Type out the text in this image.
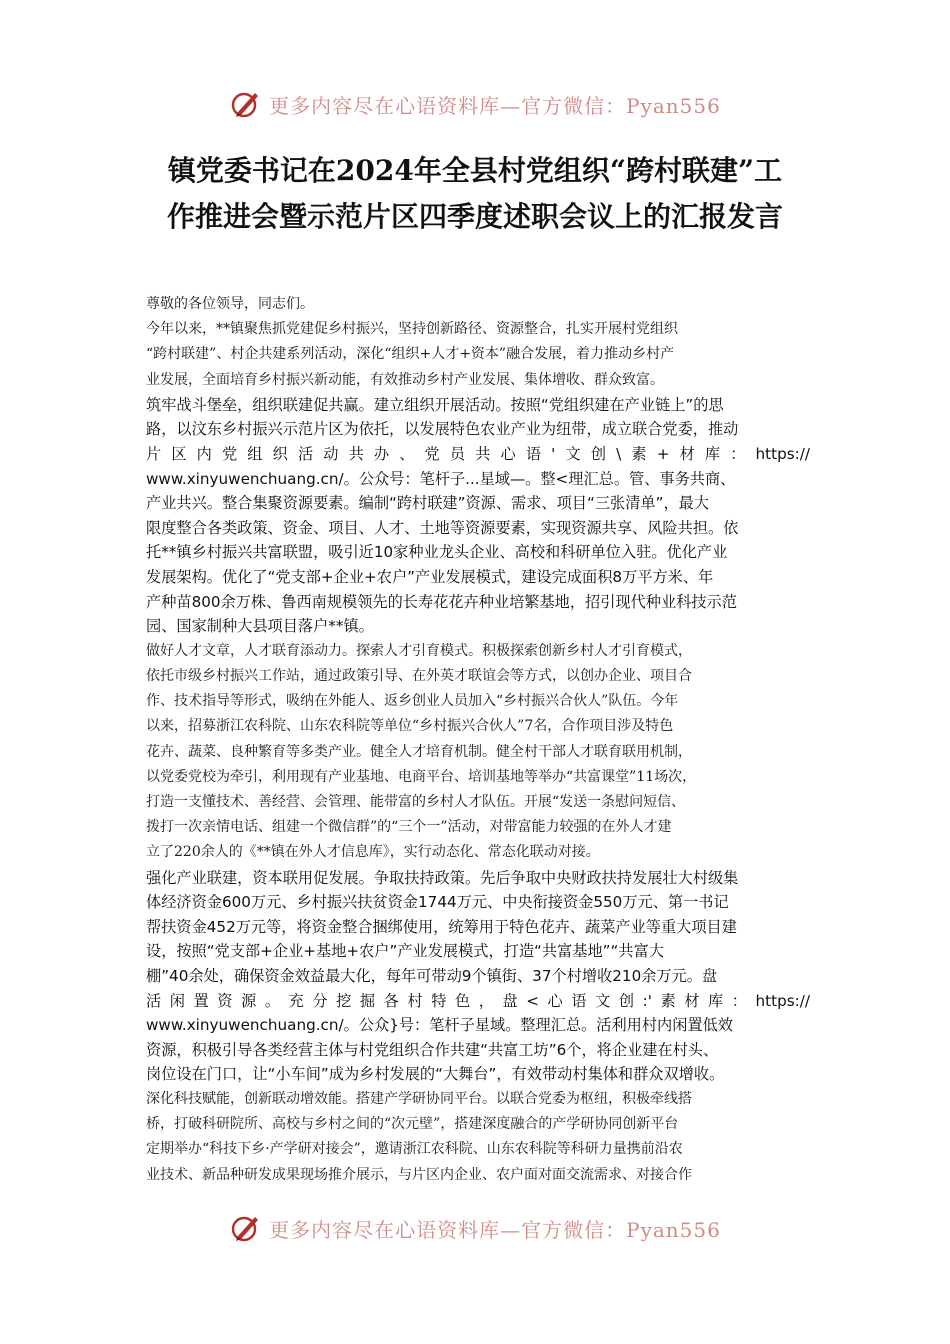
更多内容尽在心语资料库—官方微信：Pyan556
镇党委书记在2024年全县村党组织“跨村联建”工
作推进会暨示范片区四季度述职会议上的汇报发言
尊敬的各位领导，同志们。
今年以来，**镇聚焦抓党建促乡村振兴，坚持创新路径、资源整合，扎实开展村党组织
“跨村联建”、村企共建系列活动，深化“组织+人才+资本”融合发展，着力推动乡村产
业发展，全面培育乡村振兴新动能，有效推动乡村产业发展、集体增收、群众致富。
筑牢战斗堡垒，组织联建促共赢。建立组织开展活动。按照“党组织建在产业链上”的思
路，以汶东乡村振兴示范片区为依托，以发展特色农业产业为纽带，成立联合党委，推动
片区内党组织活动共办、党员共心语'文创\素+材库：https://
www.xinyuwenchuang.cn/。公众号：笔杆子...星域—。整<理汇总。管、事务共商、
产业共兴。整合集聚资源要素。编制“跨村联建”资源、需求、项目“三张清单”，最大
限度整合各类政策、资金、项目、人才、土地等资源要素，实现资源共享、风险共担。依
托**镇乡村振兴共富联盟，吸引近10家种业龙头企业、高校和科研单位入驻。优化产业
发展架构。优化了“党支部+企业+农户”产业发展模式，建设完成面积8万平方米、年
产种苗800余万株、鲁西南规模领先的长寿花花卉种业培繁基地，招引现代种业科技示范
园、国家制种大县项目落户**镇。
做好人才文章，人才联育添动力。探索人才引育模式。积极探索创新乡村人才引育模式，
依托市级乡村振兴工作站，通过政策引导、在外英才联谊会等方式，以创办企业、项目合
作、技术指导等形式，吸纳在外能人、返乡创业人员加入“乡村振兴合伙人”队伍。今年
以来，招募浙江农科院、山东农科院等单位“乡村振兴合伙人”7名，合作项目涉及特色
花卉、蔬菜、良种繁育等多类产业。健全人才培育机制。健全村干部人才联育联用机制，
以党委党校为牵引，利用现有产业基地、电商平台、培训基地等举办“共富课堂”11场次，
打造一支懂技术、善经营、会管理、能带富的乡村人才队伍。开展“发送一条慰问短信、
拨打一次亲情电话、组建一个微信群”的“三个一”活动，对带富能力较强的在外人才建
立了220余人的《**镇在外人才信息库》，实行动态化、常态化联动对接。
强化产业联建，资本联用促发展。争取扶持政策。先后争取中央财政扶持发展壮大村级集
体经济资金600万元、乡村振兴扶贫资金1744万元、中央衔接资金550万元、第一书记
帮扶资金452万元等，将资金整合捆绑使用，统筹用于特色花卉、蔬菜产业等重大项目建
设，按照“党支部+企业+基地+农户”产业发展模式，打造“共富基地”“共富大
棚”40余处，确保资金效益最大化，每年可带动9个镇街、37个村增收210余万元。盘
活闲置资源。充分挖掘各村特色，盘<心语文创:'素材库：https://
www.xinyuwenchuang.cn/。公众}号：笔杆子星域。整理汇总。活利用村内闲置低效
资源，积极引导各类经营主体与村党组织合作共建“共富工坊”6个，将企业建在村头、
岗位设在门口，让“小车间”成为乡村发展的“大舞台”，有效带动村集体和群众双增收。
深化科技赋能，创新联动增效能。搭建产学研协同平台。以联合党委为枢纽，积极牵线搭
桥，打破科研院所、高校与乡村之间的“次元壁”，搭建深度融合的产学研协同创新平台
定期举办“科技下乡·产学研对接会”，邀请浙江农科院、山东农科院等科研力量携前沿农
业技术、新品种研发成果现场推介展示，与片区内企业、农户面对面交流需求、对接合作
更多内容尽在心语资料库—官方微信：Pyan556
